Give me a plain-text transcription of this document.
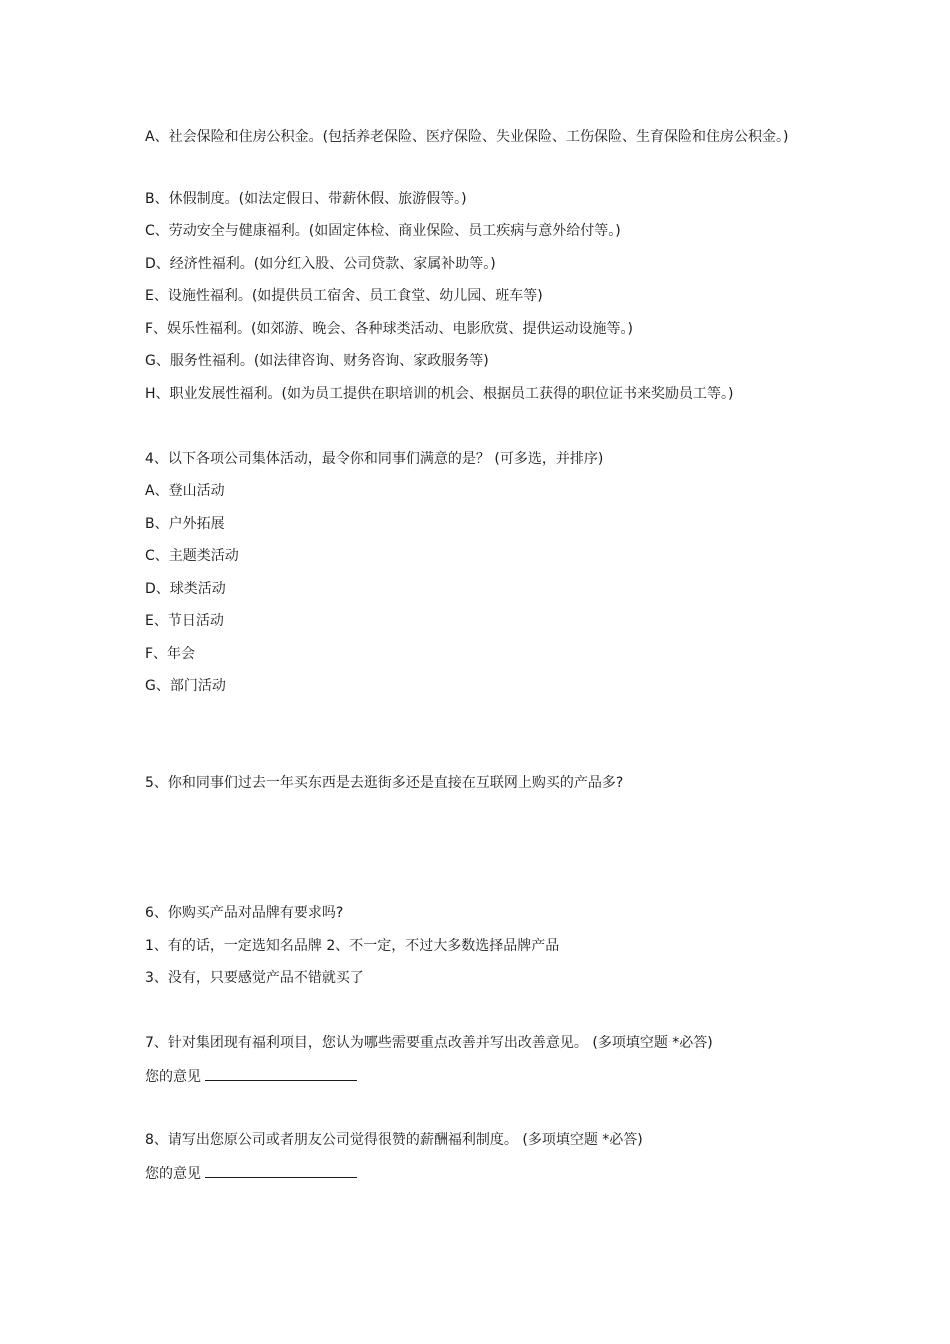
A、社会保险和住房公积金。(包括养老保险、医疗保险、失业保险、工伤保险、生育保险和住房公积金。)
B、休假制度。(如法定假日、带薪休假、旅游假等。)
C、劳动安全与健康福利。(如固定体检、商业保险、员工疾病与意外给付等。)
D、经济性福利。(如分红入股、公司贷款、家属补助等。)
E、设施性福利。(如提供员工宿舍、员工食堂、幼儿园、班车等)
F、娱乐性福利。(如郊游、晚会、各种球类活动、电影欣赏、提供运动设施等。)
G、服务性福利。(如法律咨询、财务咨询、家政服务等)
H、职业发展性福利。(如为员工提供在职培训的机会、根据员工获得的职位证书来奖励员工等。)
4、以下各项公司集体活动，最令你和同事们满意的是？ (可多选，并排序)
A、登山活动
B、户外拓展
C、主题类活动
D、球类活动
E、节日活动
F、年会
G、部门活动
5、你和同事们过去一年买东西是去逛街多还是直接在互联网上购买的产品多?
6、你购买产品对品牌有要求吗?
1、有的话，一定选知名品牌 2、不一定，不过大多数选择品牌产品
3、没有，只要感觉产品不错就买了
7、针对集团现有福利项目，您认为哪些需要重点改善并写出改善意见。 (多项填空题 *必答)
您的意见
8、请写出您原公司或者朋友公司觉得很赞的薪酬福利制度。 (多项填空题 *必答)
您的意见
